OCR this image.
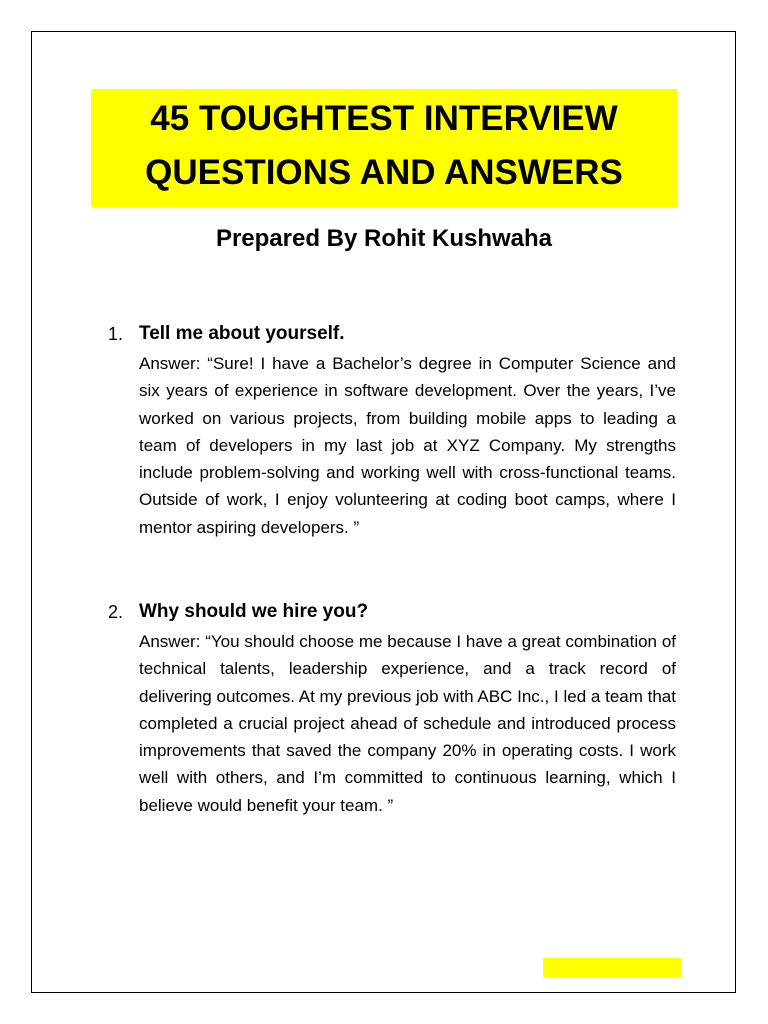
45 TOUGHTEST INTERVIEW
QUESTIONS AND ANSWERS
Prepared By Rohit Kushwaha
1. Tell me about yourself.
Answer: “Sure! I have a Bachelor’s degree in Computer Science and six years of experience in software development. Over the years, I’ve worked on various projects, from building mobile apps to leading a team of developers in my last job at XYZ Company. My strengths include problem-solving and working well with cross-functional teams. Outside of work, I enjoy volunteering at coding boot camps, where I mentor aspiring developers. ”
2. Why should we hire you?
Answer: “You should choose me because I have a great combination of technical talents, leadership experience, and a track record of delivering outcomes. At my previous job with ABC Inc., I led a team that completed a crucial project ahead of schedule and introduced process improvements that saved the company 20% in operating costs. I work well with others, and I’m committed to continuous learning, which I believe would benefit your team. ”
